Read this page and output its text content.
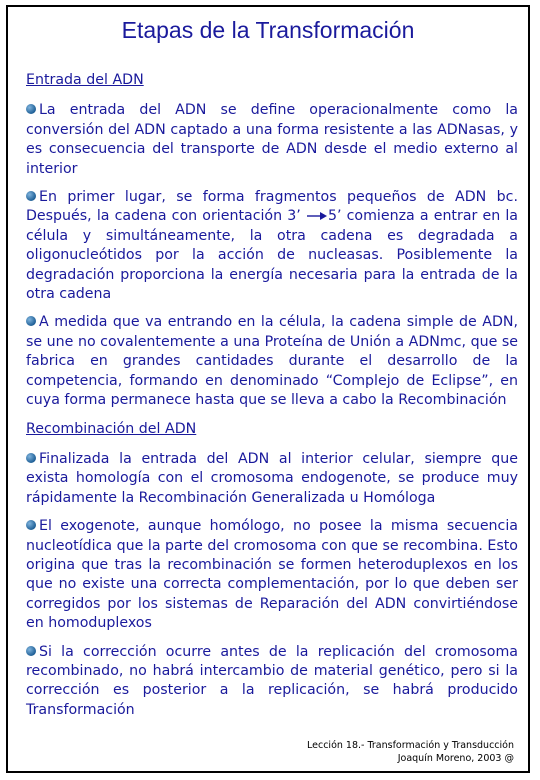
Etapas de la Transformación
Entrada del ADN

La entrada del ADN se define operacionalmente como la conversión del ADN captado a una forma resistente a las ADNasas, y es consecuencia del transporte de ADN desde el medio externo al interior

En primer lugar, se forma fragmentos pequeños de ADN bc. Después, la cadena con orientación 3’ 5’ comienza a entrar en la célula y simultáneamente, la otra cadena es degradada a oligonucleótidos por la acción de nucleasas. Posiblemente la degradación proporciona la energía necesaria para la entrada de la otra cadena

A medida que va entrando en la célula, la cadena simple de ADN, se une no covalentemente a una Proteína de Unión a ADNmc, que se fabrica en grandes cantidades durante el desarrollo de la competencia, formando en denominado “Complejo de Eclipse”, en cuya forma permanece hasta que se lleva a cabo la Recombinación

Recombinación del ADN

Finalizada la entrada del ADN al interior celular, siempre que exista homología con el cromosoma endogenote, se produce muy rápidamente la Recombinación Generalizada u Homóloga

El exogenote, aunque homólogo, no posee la misma secuencia nucleotídica que la parte del cromosoma con que se recombina. Esto origina que tras la recombinación se formen heteroduplexos en los que no existe una correcta complementación, por lo que deben ser corregidos por los sistemas de Reparación del ADN convirtiéndose en homoduplexos

Si la corrección ocurre antes de la replicación del cromosoma recombinado, no habrá intercambio de material genético, pero si la corrección es posterior a la replicación, se habrá producido Transformación

Lección 18.- Transformación y Transducción
Joaquín Moreno, 2003 @
